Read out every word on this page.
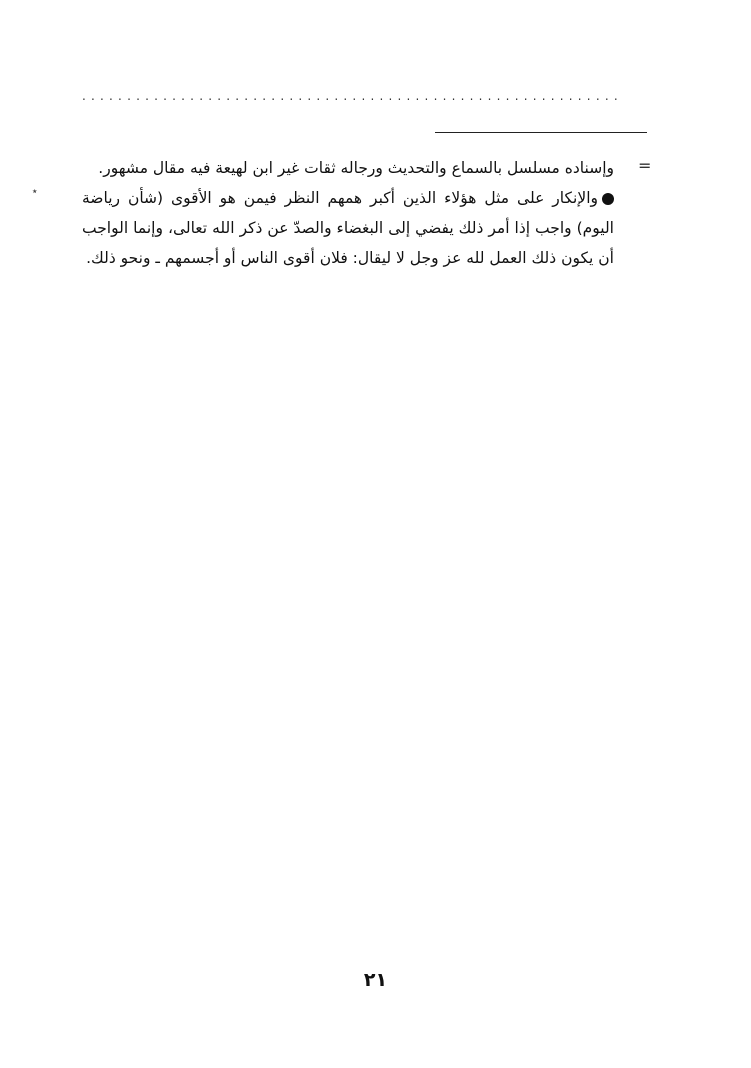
............................................................
=
٭

وإسناده مسلسل بالسماع والتحديث ورجاله ثقات غير ابن لهيعة فيه مقال مشهور.

والإنكار على مثل هؤلاء الذين أكبر همهم النظر فيمن هو الأقوى (شأن رياضة اليوم) واجب إذا أمر ذلك يفضي إلى البغضاء والصدّ عن ذكر الله تعالى، وإنما الواجب أن يكون ذلك العمل لله عز وجل لا ليقال: فلان أقوى الناس أو أجسمهم ـ ونحو ذلك.

٢١
